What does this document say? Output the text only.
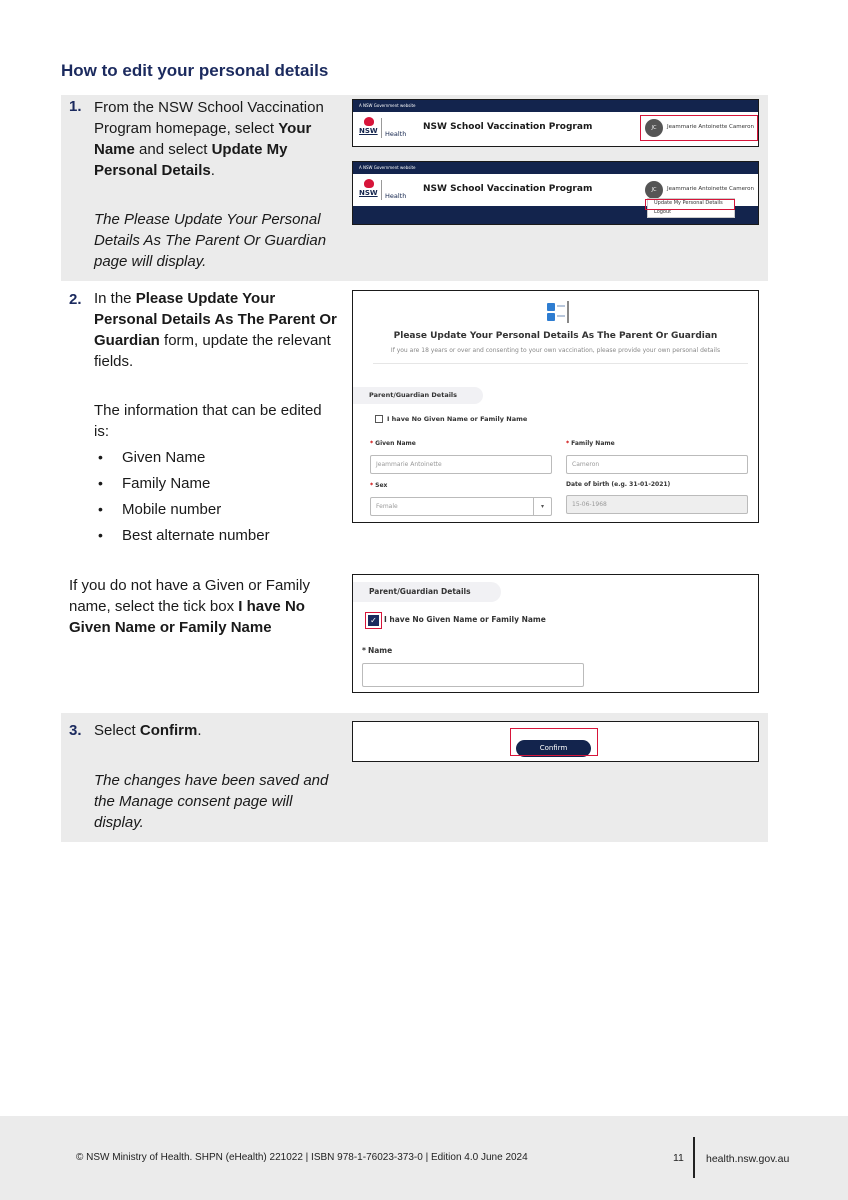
How to edit your personal details
1. From the NSW School Vaccination Program homepage, select Your Name and select Update My Personal Details.
The Please Update Your Personal Details As The Parent Or Guardian page will display.
A NSW Government website
NSW Health
NSW School Vaccination Program	JC	Jeammarie Antoinette Cameron
A NSW Government website
NSW Health
NSW School Vaccination Program	JC	Jeammarie Antoinette Cameron
Update My Personal Details
Logout
2. In the Please Update Your Personal Details As The Parent Or Guardian form, update the relevant fields.
The information that can be edited is:
• Given Name
• Family Name
• Mobile number
• Best alternate number
If you do not have a Given or Family name, select the tick box I have No Given Name or Family Name
Please Update Your Personal Details As The Parent Or Guardian
If you are 18 years or over and consenting to your own vaccination, please provide your own personal details
Parent/Guardian Details
I have No Given Name or Family Name
* Given Name	* Family Name
Jeammarie Antoinette	Cameron
* Sex	Date of birth (e.g. 31-01-2021)
Female	▾	15-06-1968
Parent/Guardian Details
✓ I have No Given Name or Family Name
* Name
3. Select Confirm.
The changes have been saved and the Manage consent page will display.
Confirm
© NSW Ministry of Health. SHPN (eHealth) 221022 | ISBN 978-1-76023-373-0 | Edition 4.0 June 2024	11 health.nsw.gov.au
